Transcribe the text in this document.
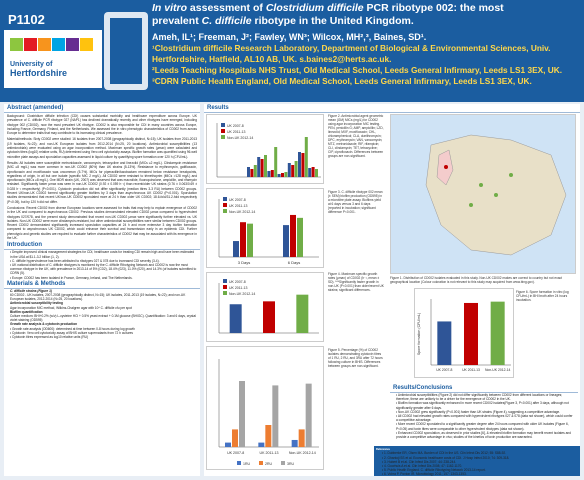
P1102
University of
Hertfordshire
In vitro assessment of Clostridium difficile PCR ribotype 002: the most
prevalent C. difficile ribotype in the United Kingdom.
Ameh, IL¹; Freeman, J²; Fawley, WN³; Wilcox, MH²,³, Baines, SD¹.
¹Clostridium difficile Research Laboratory, Department of Biological & Environmental Sciences, Univ. Hertfordshire, Hatfield, AL10 AB, UK. s.baines2@herts.ac.uk.
²Leeds Teaching Hospitals NHS Trust, Old Medical School, Leeds General Infirmary, Leeds LS1 3EX, UK.
³CDRN Public Health England, Old Medical School, Leeds General Infirmary, Leeds LS1 3EX, UK.
Abstract (amended)
Background: Clostridium difficile infection (CDI) causes substantial morbidity and healthcare expenditure across Europe. UK prevalence of C. difficile PCR ribotype 027 (NAP1) has declined dramatically recently and other ribotypes have emerged, including ribotype 002 (CD002), now the most prevalent UK ribotype. CD002 is also responsible for CDI in many countries across Europe, including France, Germany, Finland, and the Netherlands. We assessed the in vitro phenotypic characteristics of CD002 from across Europe to determine traits that may contribute to its increasing clinical prevalence.
Material/methods: Sixty CD002 were studied: 16 isolates from 2007-2008 (geographically distinct, N=15); UK isolates from 2011-2013 (19 isolates, N=22); and non-UK European isolates from 2012-2014 (N=25, 20 locations). Antimicrobial susceptibilities (13 antimicrobials) were evaluated using an agar incorporation method. Maximum specific growth rates (μmax) were calculated and cytotoxin titres (log10) relative units, RU) determined using Vero cell cytotoxicity assays. Biofilm formation was quantified using 96-well microtitre plate assays and sporulation capacities assessed in liquid culture by quantifying spore formation over 120 h (CFU/mL).
Results: All isolates were susceptible metronidazole, vancomycin, tetracycline and linezolid (MICs ≤2 mg/L). Clindamycin resistance (MIC ≥8 mg/L) was more common in non-UK CD002 (80%) than UK strains (5-13%). Resistance to erythromycin, gatifloxacin, ciprofloxacin and moxifloxacin was uncommon (5-7%). MICs for piperacillin/tazobactam remained below resistance breakpoints, regardless of origin, in all but one isolate (specific MIC 2 mg/L). All CD002 were resistant to trimethoprim (MICs >128 mg/L) and ciprofloxacin (MICs ≥8 mg/L). One MDR strain (UK, 2007) was observed that was macrolide, fluoroquinolone, ampicillin, and rifamycin resistant. Significantly faster μmax was seen in non-UK CD002 (0.92 ± 0.059 h⁻¹) than recent/older UK strains (0.76 ± 0.063/0.69 ± 0.028 h⁻¹ respectively) (P<0.001). Cytotoxin production did not differ significantly (median titres 3-3 RU) between CD002 groups. Recent UK/non-UK CD002 formed significantly greater biofilms by 3 days than asynchronous UK CD002 (P<0.001). Sporulation studies demonstrated that recent UK/non-UK CD002 sporulated more at 24 h than older UK CD002; 18.6-fold/31.2-fold respectively (P<0.05), but by 120 h did not differ.
Conclusions: Recent CD002 from diverse European locations were assessed for traits that may help to explain emergence of CD002 in the UK and compared to asynchronous CD002. Previous studies demonstrated elevated CD002 μmax compared to hypervirulent ribotypes 027/078, and the present study demonstrated that recent non-UK CD002 μmax were significantly further elevated vs. UK isolates. Non-UK CD002 were more clindamycin-resistant, but other antimicrobial susceptibilities were similar between CD002 groups. Recent CD002 demonstrated significantly increased sporulation capacities at 24 h and more extensive 3 day biofilm formation compared to asynchronous UK CD002, which could enhance their survival and transmission early in an epidemic CDI. Further phenotypic and genetic studies are required to evaluate further characteristics of CD002 that may be associated with its emergence in the UK.
Introduction
• Despite improved clinical management strategies for CDI, healthcare costs for treating CDI remain high and have been estimated in the USA at $1.1-3.2 billion (1, 2).
• C. difficile hypervirulence has been attributed to ribotypes 027 & 078 due to increased CDI severity (3-4).
• UK national distribution of C. difficile ribotypes is monitored by the C. difficile Ribotyping Network and CD002 is now the most common ribotype in the UK, with prevalence in 2013-14 of 5% (CD2), 18.4% (023), 11.0% (020), and 14.3% (of isolates submitted to CDRN (5).
• Europe: CD002 has been isolated in France, Germany, Ireland, and The Netherlands.
Materials & Methods
C. difficile strains (Figure 1)
60 CD002 - UK isolates, 2007-2008 (geographically distinct, N=15); UK isolates, 2011-2013 (19 isolates, N=22); and non-UK European isolates, 2012-2014 (N=25, 20 locations).
Antimicrobial susceptibility testing
Agar incorporation MIC method, Wilkins-Chalgren agar with 10⁴ C. difficile cfu per spot
Biofilm quantification
Culture medium: BHI+0.2% (w/v) L-cysteine HCl + 0.5% yeast extract + 0.1M glucose (BHIGC). Quantification: 3 and 6 days, crystal violet staining (OD595)
Growth rate analysis & cytotoxin production
• Growth rate analysis (OD600): determined at time between 0-8 hours during log growth
• Cytotoxin: Vero cell cytotoxicity assay of BHIS culture supernatants from 72 h cultures
• Cytotoxin titres expressed as log10 relative units (RU)
Results
UK 2007-8
UK 2011-13
Non-UK 2012-14
Figure 2. Antimicrobial agent geometric mean (GM) MICs (mg/L) for CD002 using agar incorporation MIC testing. PEN, penicillin G; AMP, ampicillin; LZD, linezolid; MXF, moxifloxacin; CHL, chloramphenicol; CLA, clarithromycin; DPC, erythromycin; VAN, vancomycin; MTZ, metronidazole; RIF, rifampicin; CLI, clindamycin; TET, tetracycline; CIP, ciprofloxacin. Differences between groups are non-significant.
UK 2007-8
UK 2011-13
Non-UK 2012-14
3 Days	6 Days
Figure 3. C. difficile ribotype 002 mean (± SEM) biofilm production (OD595) in a microtitre plate assay. Biofilms yield at 6 days versus 3 and 6 days (reported in incubation; significant difference P<0.001.
UK 2007-8
UK 2011-13
Non-UK 2012-14
Figure 4. Maximum specific growth rates (μmax) of CD002 (h⁻¹, mean ± SD). ***Significantly faster growth in non-UK (P<0.001) than older/recent UK strains; significant differences.
UK 2007-8	UK 2011-13	Non-UK 2012-14
1RU	2RU	3RU
Figure 5. Percentage (%) of CD002 isolates demonstrating cytotoxin titres of 1 RU, 2 RU, and 3RU after 72 hours following culture in BHIS. Differences between groups are non-significant.
Figure 1. Distribution of CD002 isolates evaluated in this study. Non-UK CD002 makes are correct to country but not exact geographical location (Colour coloration is not relevant to this study map acquired from www.bing.gov).
Spore formation (CFU/mL)
UK 2007-8	UK 2011-13 Non-UK 2012-14
Figure 6. Spore formation in vitro (log CFU/mL) in BHI broth after 24 hours incubation.
Results/Conclusions
• Antimicrobial susceptibilities (Figure 2) did not differ significantly between CD002 from different locations or lineages; therefore, these are unlikely to be a driver for the emergence of CD002 in the UK.
• Biofilm formation was significantly enhanced in more recent CD002 isolates(Figure 3, P<0.001) after 3 days, although not significantly greater after 6 days.
• Non-UK CD002 grew significantly (P<0.001) faster than UK strains (Figure 4), suggesting a competitive advantage.
• All CD002 had elevated growth rates compared with hypervirulent ribotypes 027 & 078 (data not shown), which could confer a competitive advantage.
• More recent CD002 sporulated to a significantly greater degree after 24 hours compared with older UK isolates (Figure 6, P<0.05) and toxin titres were comparable to other hypervirulent ribotypes (data not shown).
• Enhanced CD002 sporulation, as observed in prior studies [6], & elevated biofilm formation may benefit recent isolates and provide a competitive advantage in vivo; studies of the kinetics of toxin production are warranted.
References
• 1. Dubberke ER, Olsen MA. Burden of CDI in the US. Clin Infect Dis 2012; 55: S88-92.
• 2. Ghantoji SS et al. Economic healthcare costs of CDI. J Hosp Infect 2010; 74: 309-318.
• 3. Hubert B et al. Clin Infect Dis 2007; 44: 238-244.
• 4. Goorhuis A et al. Clin Infect Dis 2008; 47: 1162-1170.
• 5. Public Health England. C. difficile Ribotyping Network 2013-14 report.
• 6. Vohra P, Poxton IR. Microbiology 2011; 157: 1343-1353.
